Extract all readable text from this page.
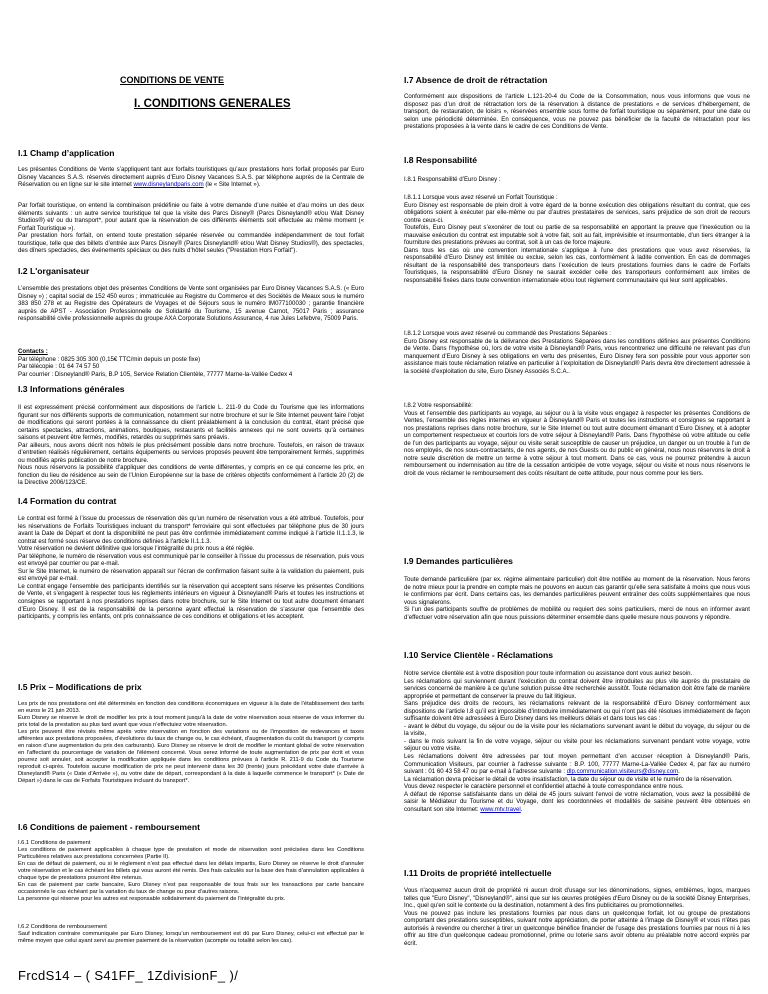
CONDITIONS DE VENTE
I. CONDITIONS GENERALES
I.1 Champ d’application
Les présentes Conditions de Vente s’appliquent tant aux forfaits touristiques qu’aux prestations hors forfait proposés par Euro Disney Vacances S.A.S. réservés directement auprès d’Euro Disney Vacances S.A.S. par téléphone auprès de la Centrale de Réservation ou en ligne sur le site internet www.disneylandparis.com (le « Site Internet »).
Par forfait touristique, on entend la combinaison prédéfinie ou faite à votre demande d’une nuitée et d’au moins un des deux éléments suivants : un autre service touristique tel que la visite des Parcs Disney® (Parcs Disneyland® et/ou Walt Disney Studios®) et/ ou du transport*, pour autant que la réservation de ces différents éléments soit effectuée au même moment (« Forfait Touristique »).
Par prestation hors forfait, on entend toute prestation séparée réservée ou commandée indépendamment de tout forfait touristique, telle que des billets d’entrée aux Parcs Disney® (Parcs Disneyland® et/ou Walt Disney Studios®), des spectacles, des dîners spectacles, des événements spéciaux ou des nuits d’hôtel seules ("Prestation Hors Forfait").
I.2 L'organisateur
L’ensemble des prestations objet des présentes Conditions de Vente sont organisées par Euro Disney Vacances S.A.S. (« Euro Disney ») ; capital social de 152 450 euros ; immatriculée au Registre du Commerce et des Sociétés de Meaux sous le numéro 383 850 278 et au Registre des Opérateurs de Voyages et de Séjours sous le numéro IM077100030 ; garantie financière auprès de APST - Association Professionnelle de Solidarité du Tourisme, 15 avenue Carnot, 75017 Paris ; assurance responsabilité civile professionnelle auprès du groupe AXA Corporate Solutions Assurance, 4 rue Jules Lefebvre, 75009 Paris.
Contacts :
Par téléphone : 0825 305 300 (0,15€ TTC/min depuis un poste fixe)
Par télécopie : 01 64 74 57 50
Par courrier : Disneyland® Paris, B.P 105, Service Relation Clientèle, 77777 Marne-la-Vallée Cedex 4
I.3 Informations générales
Il est expressément précisé conformément aux dispositions de l’article L. 211-9 du Code du Tourisme que les informations figurant sur nos différents supports de communication, notamment sur notre brochure et sur le Site Internet peuvent faire l’objet de modifications qui seront portées à la connaissance du client préalablement à la conclusion du contrat, étant précisé que certains spectacles, attractions, animations, boutiques, restaurants et facilités annexes qui ne sont ouverts qu’à certaines saisons et peuvent être fermés, modifiés, retardés ou supprimés sans préavis.
Par ailleurs, nous avons décrit nos hôtels le plus précisément possible dans notre brochure. Toutefois, en raison de travaux d’entretien réalisés régulièrement, certains équipements ou services proposés peuvent être temporairement fermés, supprimés ou modifiés après publication de notre brochure.
Nous nous réservons la possibilité d’appliquer des conditions de vente différentes, y compris en ce qui concerne les prix, en fonction du lieu de résidence au sein de l’Union Européenne sur la base de critères objectifs conformément à l’article 20 (2) de la Directive 2006/123/CE.
I.4 Formation du contrat
Le contrat est formé à l’issue du processus de réservation dès qu’un numéro de réservation vous a été attribué. Toutefois, pour les réservations de Forfaits Touristiques incluant du transport* ferroviaire qui sont effectuées par téléphone plus de 30 jours avant la Date de Départ et dont la disponibilité ne peut pas être confirmée immédiatement comme indiqué à l’article II.1.1.3, le contrat est formé sous réserve des conditions définies à l'article II.1.1.3.
Votre réservation ne devient définitive que lorsque l’intégralité du prix nous a été réglée.
Par téléphone, le numéro de réservation vous est communiqué par le conseiller à l’issue du processus de réservation, puis vous est envoyé par courrier ou par e-mail.
Sur le Site Internet, le numéro de réservation apparaît sur l’écran de confirmation faisant suite à la validation du paiement, puis est envoyé par e-mail.
Le contrat engage l’ensemble des participants identifiés sur la réservation qui acceptent sans réserve les présentes Conditions de Vente, et s’engagent à respecter tous les règlements intérieurs en vigueur à Disneyland® Paris et toutes les instructions et consignes se rapportant à nos prestations reprises dans notre brochure, sur le Site Internet ou tout autre document émanant d’Euro Disney. Il est de la responsabilité de la personne ayant effectué la réservation de s’assurer que l’ensemble des participants, y compris les enfants, ont pris connaissance de ces conditions et obligations et les acceptent.
I.5 Prix – Modifications de prix
Les prix de nos prestations ont été déterminés en fonction des conditions économiques en vigueur à la date de l’établissement des tarifs en euros le 21 juin 2013.
Euro Disney se réserve le droit de modifier les prix à tout moment jusqu’à la date de votre réservation sous réserve de vous informer du prix total de la prestation au plus tard avant que vous n’effectuiez votre réservation.
Les prix peuvent être révisés même après votre réservation en fonction des variations ou de l’imposition de redevances et taxes afférentes aux prestations proposées, d’évolutions du taux de change ou, le cas échéant, d’augmentation du coût du transport (y compris en raison d’une augmentation du prix des carburants). Euro Disney se réserve le droit de modifier le montant global de votre réservation en l’affectant du pourcentage de variation de l'élément concerné. Vous serez informé de toute augmentation de prix par écrit et vous pourrez soit annuler, soit accepter la modification appliquée dans les conditions prévues à l'article R. 211-9 du Code du Tourisme reproduit ci-après. Toutefois aucune modification de prix ne peut intervenir dans les 30 (trente) jours précédant votre date d'arrivée à Disneyland® Paris (« Date d’Arrivée »), ou votre date de départ, correspondant à la date à laquelle commence le transport* (« Date de Départ ») dans le cas de Forfaits Touristiques incluant du transport*.
I.6 Conditions de paiement - remboursement
I.6.1 Conditions de paiement
Les conditions de paiement applicables à chaque type de prestation et mode de réservation sont précisées dans les Conditions Particulières relatives aux prestations concernées (Partie II).
En cas de défaut de paiement, ou si le règlement n’est pas effectué dans les délais impartis, Euro Disney se réserve le droit d’annuler votre réservation et le cas échéant les billets qui vous auront été remis. Des frais calculés sur la base des frais d’annulation applicables à chaque type de prestations pourront être retenus.
En cas de paiement par carte bancaire, Euro Disney n’est pas responsable de tous frais sur les transactions par carte bancaire occasionnés le cas échéant par la variation du taux de change ou pour d’autres raisons.
La personne qui réserve pour les autres est responsable solidairement du paiement de l'intégralité du prix.
I.6.2 Conditions de remboursement
Sauf indication contraire communiquée par Euro Disney, lorsqu’un remboursement est dû par Euro Disney, celui-ci est effectué par le même moyen que celui ayant servi au premier paiement de la réservation (acompte ou totalité selon les cas).
I.7 Absence de droit de rétractation
Conformément aux dispositions de l’article L.121-20-4 du Code de la Consommation, nous vous informons que vous ne disposez pas d’un droit de rétractation lors de la réservation à distance de prestations « de services d’hébergement, de transport, de restauration, de loisirs », réservées ensemble sous forme de forfait touristique ou séparément, pour une date ou selon une périodicité déterminée. En conséquence, vous ne pouvez pas bénéficier de la faculté de rétractation pour les prestations proposées à la vente dans le cadre de ces Conditions de Vente.
I.8 Responsabilité
I.8.1 Responsabilité d’Euro Disney :
I.8.1.1 Lorsque vous avez réservé un Forfait Touristique :
Euro Disney est responsable de plein droit à votre égard de la bonne exécution des obligations résultant du contrat, que ces obligations soient à exécuter par elle-même ou par d’autres prestataires de services, sans préjudice de son droit de recours contre ceux-ci.
Toutefois, Euro Disney peut s’exonérer de tout ou partie de sa responsabilité en apportant la preuve que l'inexécution ou la mauvaise exécution du contrat est imputable soit à votre fait, soit au fait, imprévisible et insurmontable, d'un tiers étranger à la fourniture des prestations prévues au contrat, soit à un cas de force majeure.
Dans tous les cas où une convention internationale s’applique à l’une des prestations que vous avez réservées, la responsabilité d’Euro Disney est limitée ou exclue, selon les cas, conformément à ladite convention. En cas de dommages résultant de la responsabilité des transporteurs dans l’exécution de leurs prestations fournies dans le cadre de Forfaits Touristiques, la responsabilité d’Euro Disney ne saurait excéder celle des transporteurs conformément aux limites de responsabilité fixées dans toute convention internationale et/ou tout règlement communautaire qui leur sont applicables.
I.8.1.2 Lorsque vous avez réservé ou commandé des Prestations Séparées :
Euro Disney est responsable de la délivrance des Prestations Séparées dans les conditions définies aux présentes Conditions de Vente. Dans l’hypothèse où, lors de votre visite à Disneyland® Paris, vous rencontreriez une difficulté ne relevant pas d’un manquement d’Euro Disney à ses obligations en vertu des présentes, Euro Disney fera son possible pour vous apporter son assistance mais toute réclamation relative en particulier à l’exploitation de Disneyland® Paris devra être directement adressée à la société d’exploitation du site, Euro Disney Associés S.C.A..
I.8.2 Votre responsabilité:
Vous et l’ensemble des participants au voyage, au séjour ou à la visite vous engagez à respecter les présentes Conditions de Ventes, l’ensemble des règles internes en vigueur à Disneyland® Paris et toutes les instructions et consignes se rapportant à nos prestations reprises dans notre brochure, sur le Site Internet ou tout autre document émanant d’Euro Disney, et à adopter un comportement respectueux et courtois lors de votre séjour à Disneyland® Paris. Dans l’hypothèse où votre attitude ou celle de l’un des participants au voyage, séjour ou visite serait susceptible de causer un préjudice, un danger ou un trouble à l’un de nos employés, de nos sous-contractants, de nos agents, de nos Guests ou du public en général, nous nous réservons le droit à notre seule discrétion de mettre un terme à votre séjour à tout moment. Dans ce cas, vous ne pourrez prétendre à aucun remboursement ou indemnisation au titre de la cessation anticipée de votre voyage, séjour ou visite et nous nous réservons le droit de vous réclamer le remboursement des coûts résultant de cette attitude, pour nous comme pour les tiers.
I.9 Demandes particulières
Toute demande particulière (par ex. régime alimentaire particulier) doit être notifiée au moment de la réservation. Nous ferons de notre mieux pour la prendre en compte mais ne pouvons en aucun cas garantir qu’elle sera satisfaite à moins que nous vous le confirmions par écrit. Dans certains cas, les demandes particulières peuvent entraîner des coûts supplémentaires que nous vous signalerons.
Si l’un des participants souffre de problèmes de mobilité ou requiert des soins particuliers, merci de nous en informer avant d’effectuer votre réservation afin que nous puissions déterminer ensemble dans quelle mesure nous pouvons y répondre.
I.10 Service Clientèle - Réclamations
Notre service clientèle est à votre disposition pour toute information ou assistance dont vous auriez besoin.
Les réclamations qui surviennent durant l'exécution du contrat doivent être introduites au plus vite auprès du prestataire de services concerné de manière à ce qu'une solution puisse être recherchée aussitôt. Toute réclamation doit être faite de manière appropriée et permettant de conserver la preuve du fait litigieux.
Sans préjudice des droits de recours, les réclamations relevant de la responsabilité d’Euro Disney conformément aux dispositions de l’article I.8 qu’il est impossible d’introduire immédiatement ou qui n’ont pas été résolues immédiatement de façon suffisante doivent être adressées à Euro Disney dans les meilleurs délais et dans tous les cas :
- avant le début du voyage, du séjour ou de la visite pour les réclamations survenant avant le début du voyage, du séjour ou de la visite,
- dans le mois suivant la fin de votre voyage, séjour ou visite pour les réclamations survenant pendant votre voyage, votre séjour ou votre visite.
Les réclamations doivent être adressées par tout moyen permettant d’en accuser réception à Disneyland® Paris, Communication Visiteurs, par courrier à l'adresse suivante : B.P. 100, 77777 Marne-La-Vallée Cedex 4, par fax au numéro suivant : 01 60 43 58 47 ou par e-mail à l'adresse suivante : dlp.communication.visiteurs@disney.com.
La réclamation devra préciser le détail de votre insatisfaction, la date du séjour ou de visite et le numéro de la réservation.
Vous devez respecter le caractère personnel et confidentiel attaché à toute correspondance entre nous.
A défaut de réponse satisfaisante dans un délai de 45 jours suivant l'envoi de votre réclamation, vous avez la possibilité de saisir le Médiateur du Tourisme et du Voyage, dont les coordonnées et modalités de saisine peuvent être obtenues en consultant son site Internet: www.mtv.travel.
I.11 Droits de propriété intellectuelle
Vous n'acquerrez aucun droit de propriété ni aucun droit d'usage sur les dénominations, signes, emblèmes, logos, marques telles que "Euro Disney", "Disneyland®", ainsi que sur les œuvres protégées d'Euro Disney ou de la société Disney Enterprises, Inc., quel qu'en soit le contexte ou la destination, notamment à des fins publicitaires ou promotionnelles.
Vous ne pouvez pas inclure les prestations fournies par nous dans un quelconque forfait, lot ou groupe de prestations comportant des prestations susceptibles, suivant notre appréciation, de porter atteinte à l'image de Disney® et vous n'êtes pas autorisés à revendre ou chercher à tirer un quelconque bénéfice financier de l’usage des prestations fournies par nous ni à les offrir au titre d'un quelconque cadeau promotionnel, prime ou loterie sans avoir obtenu au préalable notre accord exprès par écrit.
FrcdS14 – ( S41FF_ 1ZdivisionF_ )/
